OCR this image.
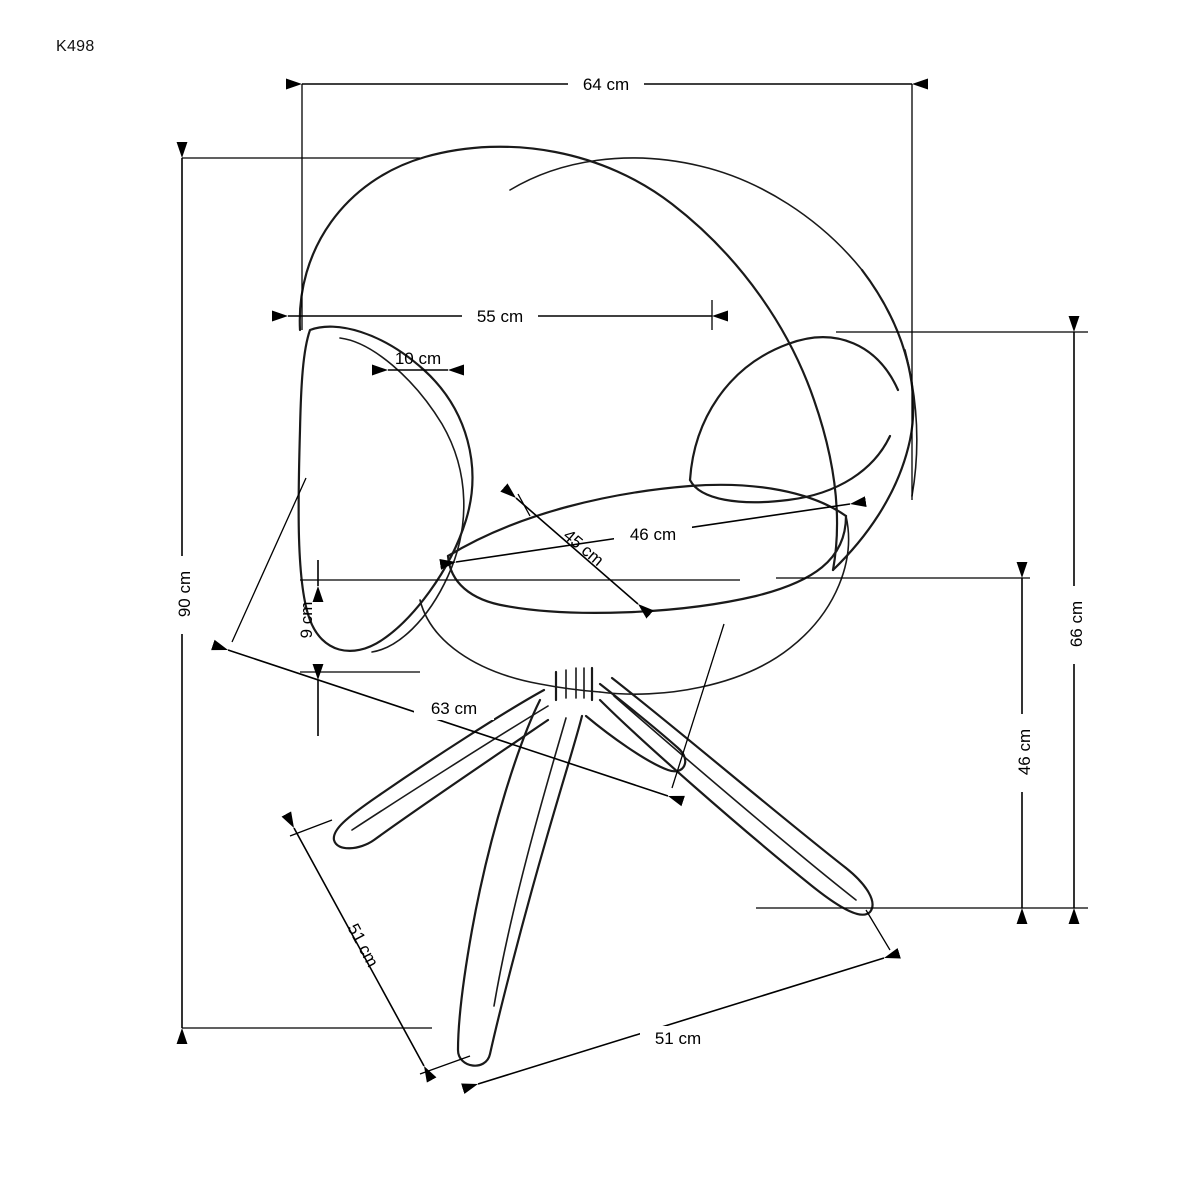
K498
64 cm
55 cm
10 cm
46 cm
45 cm
9 cm
90 cm
66 cm
46 cm
63 cm
51 cm
51 cm
